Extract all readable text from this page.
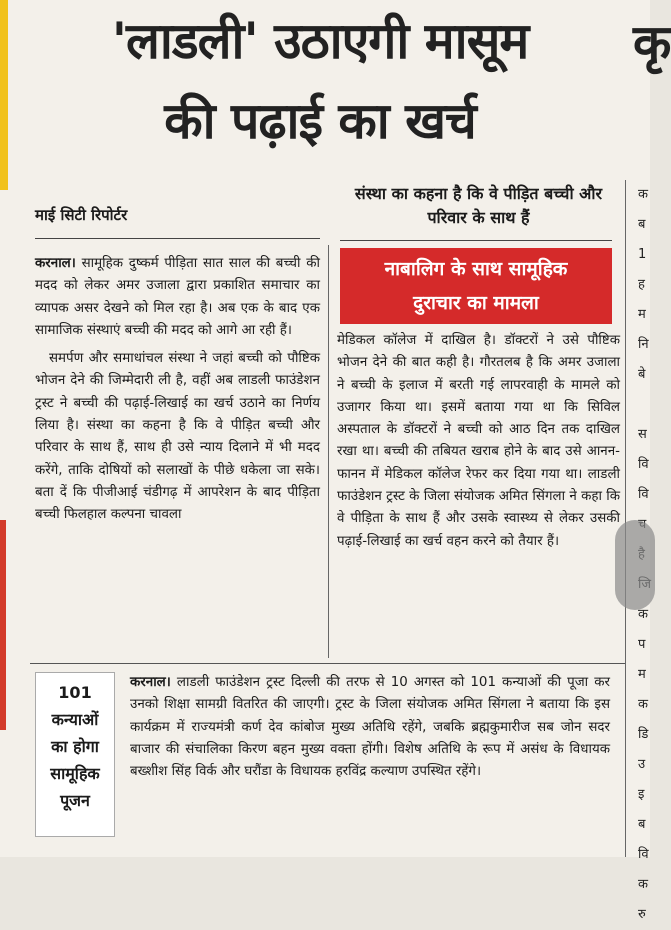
'लाडली' उठाएगी मासूम
की पढ़ाई का खर्च
कृ
माई सिटी रिपोर्टर

करनाल। सामूहिक दुष्कर्म पीड़िता सात साल की बच्ची की मदद को लेकर अमर उजाला द्वारा प्रकाशित समाचार का व्यापक असर देखने को मिल रहा है। अब एक के बाद एक सामाजिक संस्थाएं बच्ची की मदद को आगे आ रही हैं।

समर्पण और समाधांचल संस्था ने जहां बच्ची को पौष्टिक भोजन देने की जिम्मेदारी ली है, वहीं अब लाडली फाउंडेशन ट्रस्ट ने बच्ची की पढ़ाई-लिखाई का खर्च उठाने का निर्णय लिया है। संस्था का कहना है कि वे पीड़ित बच्ची और परिवार के साथ हैं, साथ ही उसे न्याय दिलाने में भी मदद करेंगे, ताकि दोषियों को सलाखों के पीछे धकेला जा सके। बता दें कि पीजीआई चंडीगढ़ में आपरेशन के बाद पीड़िता बच्ची फिलहाल कल्पना चावला

संस्था का कहना है कि वे पीड़ित बच्ची और परिवार के साथ हैं
नाबालिग के साथ सामूहिक
दुराचार का मामला

मेडिकल कॉलेज में दाखिल है। डॉक्टरों ने उसे पौष्टिक भोजन देने की बात कही है। गौरतलब है कि अमर उजाला ने बच्ची के इलाज में बरती गई लापरवाही के मामले को उजागर किया था। इसमें बताया गया था कि सिविल अस्पताल के डॉक्टरों ने बच्ची को आठ दिन तक दाखिल रखा था। बच्ची की तबियत खराब होने के बाद उसे आनन-फानन में मेडिकल कॉलेज रेफर कर दिया गया था। लाडली फाउंडेशन ट्रस्ट के जिला संयोजक अमित सिंगला ने कहा कि वे पीड़िता के साथ हैं और उसके स्वास्थ्य से लेकर उसकी पढ़ाई-लिखाई का खर्च वहन करने को तैयार हैं।

101
कन्याओं
का होगा
सामूहिक
पूजन
करनाल। लाडली फाउंडेशन ट्रस्ट दिल्ली की तरफ से 10 अगस्त को 101 कन्याओं की पूजा कर उनको शिक्षा सामग्री वितरित की जाएगी। ट्रस्ट के जिला संयोजक अमित सिंगला ने बताया कि इस कार्यक्रम में राज्यमंत्री कर्ण देव कांबोज मुख्य अतिथि रहेंगे, जबकि ब्रह्मकुमारीज सब जोन सदर बाजार की संचालिका किरण बहन मुख्य वक्ता होंगी। विशेष अतिथि के रूप में असंध के विधायक बख्शीश सिंह विर्क और घरौंडा के विधायक हरविंद्र कल्याण उपस्थित रहेंगे।
क
ब
1
ह
म
नि
बे
स
वि
वि
क
प
म
क
डि
उ
इ
ब
वि
क
रु
